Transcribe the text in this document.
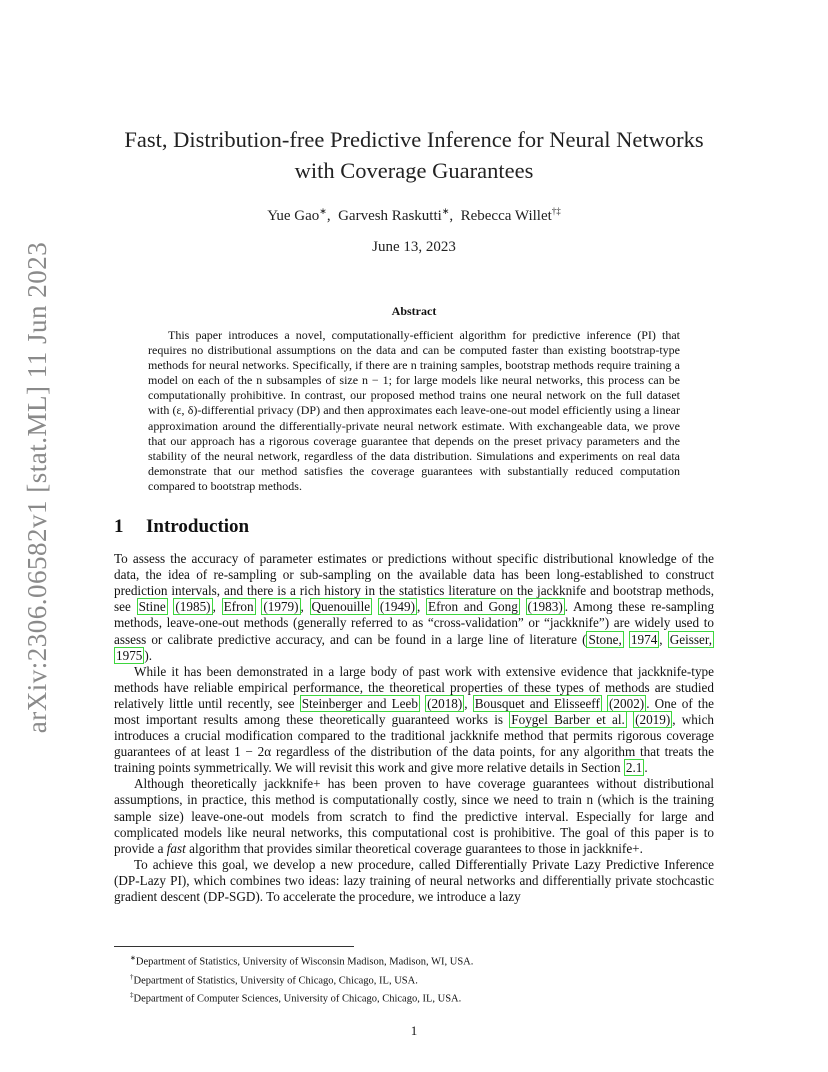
arXiv:2306.06582v1 [stat.ML] 11 Jun 2023
Fast, Distribution-free Predictive Inference for Neural Networks with Coverage Guarantees
Yue Gao∗,  Garvesh Raskutti∗,  Rebecca Willet†‡
June 13, 2023
Abstract

This paper introduces a novel, computationally-efficient algorithm for predictive inference (PI) that requires no distributional assumptions on the data and can be computed faster than existing bootstrap-type methods for neural networks. Specifically, if there are n training samples, bootstrap methods require training a model on each of the n subsamples of size n − 1; for large models like neural networks, this process can be computationally prohibitive. In contrast, our proposed method trains one neural network on the full dataset with (ε, δ)-differential privacy (DP) and then approximates each leave-one-out model efficiently using a linear approximation around the differentially-private neural network estimate. With exchangeable data, we prove that our approach has a rigorous coverage guarantee that depends on the preset privacy parameters and the stability of the neural network, regardless of the data distribution. Simulations and experiments on real data demonstrate that our method satisfies the coverage guarantees with substantially reduced computation compared to bootstrap methods.

1 Introduction

To assess the accuracy of parameter estimates or predictions without specific distributional knowledge of the data, the idea of re-sampling or sub-sampling on the available data has been long-established to construct prediction intervals, and there is a rich history in the statistics literature on the jackknife and bootstrap methods, see Stine (1985) , Efron (1979) , Quenouille (1949) , Efron and Gong (1983) . Among these re-sampling methods, leave-one-out methods (generally referred to as “cross-validation” or “jackknife”) are widely used to assess or calibrate predictive accuracy, and can be found in a large line of literature ( Stone, 1974 , Geisser, 1975 ).

While it has been demonstrated in a large body of past work with extensive evidence that jackknife-type methods have reliable empirical performance, the theoretical properties of these types of methods are studied relatively little until recently, see Steinberger and Leeb (2018) , Bousquet and Elisseeff (2002) . One of the most important results among these theoretically guaranteed works is Foygel Barber et al. (2019) , which introduces a crucial modification compared to the traditional jackknife method that permits rigorous coverage guarantees of at least 1 − 2α regardless of the distribution of the data points, for any algorithm that treats the training points symmetrically. We will revisit this work and give more relative details in Section 2.1 .

Although theoretically jackknife+ has been proven to have coverage guarantees without distributional assumptions, in practice, this method is computationally costly, since we need to train n (which is the training sample size) leave-one-out models from scratch to find the predictive interval. Especially for large and complicated models like neural networks, this computational cost is prohibitive. The goal of this paper is to provide a fast algorithm that provides similar theoretical coverage guarantees to those in jackknife+.

To achieve this goal, we develop a new procedure, called Differentially Private Lazy Predictive Inference (DP-Lazy PI), which combines two ideas: lazy training of neural networks and differentially private stochcastic gradient descent (DP-SGD). To accelerate the procedure, we introduce a lazy

∗Department of Statistics, University of Wisconsin Madison, Madison, WI, USA.
†Department of Statistics, University of Chicago, Chicago, IL, USA.
‡Department of Computer Sciences, University of Chicago, Chicago, IL, USA.
1
